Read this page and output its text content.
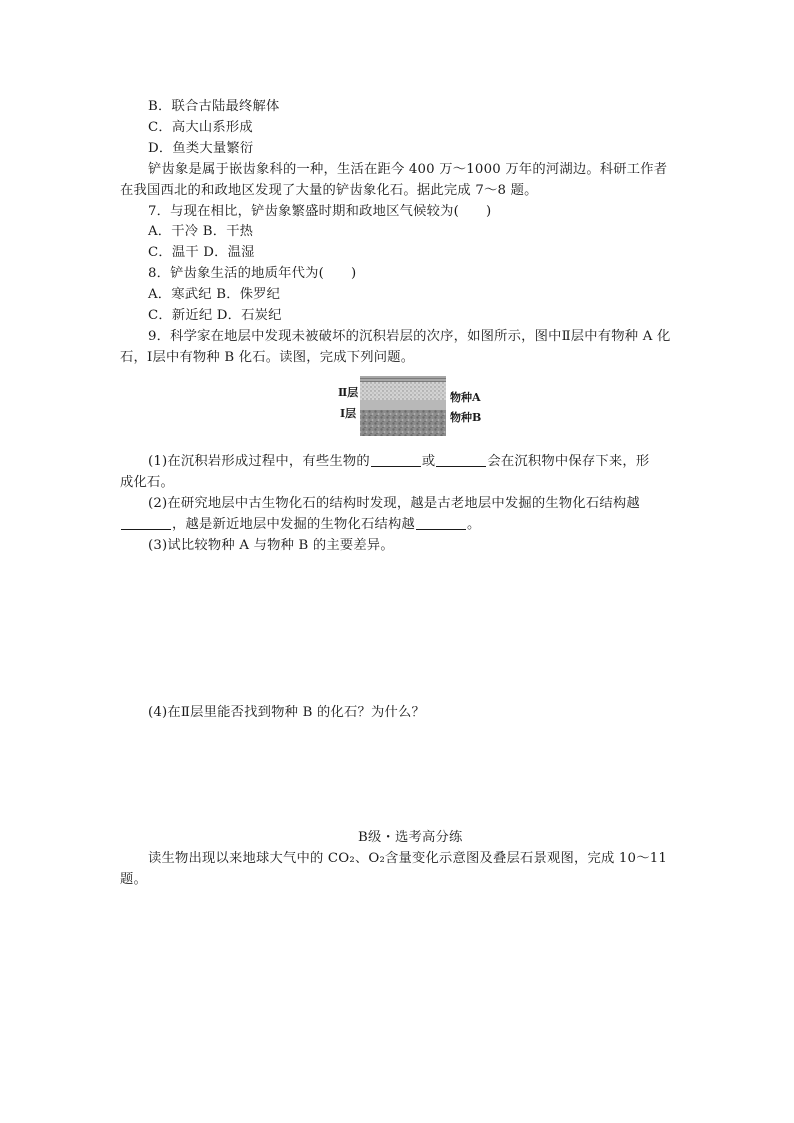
B．联合古陆最终解体
C．高大山系形成
D．鱼类大量繁衍
铲齿象是属于嵌齿象科的一种，生活在距今 400 万～1000 万年的河湖边。科研工作者
在我国西北的和政地区发现了大量的铲齿象化石。据此完成 7～8 题。
7．与现在相比，铲齿象繁盛时期和政地区气候较为(　　)
A．干冷 B．干热
C．温干 D．温湿
8．铲齿象生活的地质年代为(　　)
A．寒武纪 B．侏罗纪
C．新近纪 D．石炭纪
9．科学家在地层中发现未被破坏的沉积岩层的次序，如图所示，图中Ⅱ层中有物种 A 化
石，Ⅰ层中有物种 B 化石。读图，完成下列问题。
Ⅱ层
Ⅰ层
物种A
物种B
(1)在沉积岩形成过程中，有些生物的	或	会在沉积物中保存下来，形
成化石。
(2)在研究地层中古生物化石的结构时发现，越是古老地层中发掘的生物化石结构越
，越是新近地层中发掘的生物化石结构越	。
(3)试比较物种 A 与物种 B 的主要差异。
(4)在Ⅱ层里能否找到物种 B 的化石？为什么？
B级・选考高分练
读生物出现以来地球大气中的 CO₂、O₂含量变化示意图及叠层石景观图，完成 10～11
题。
